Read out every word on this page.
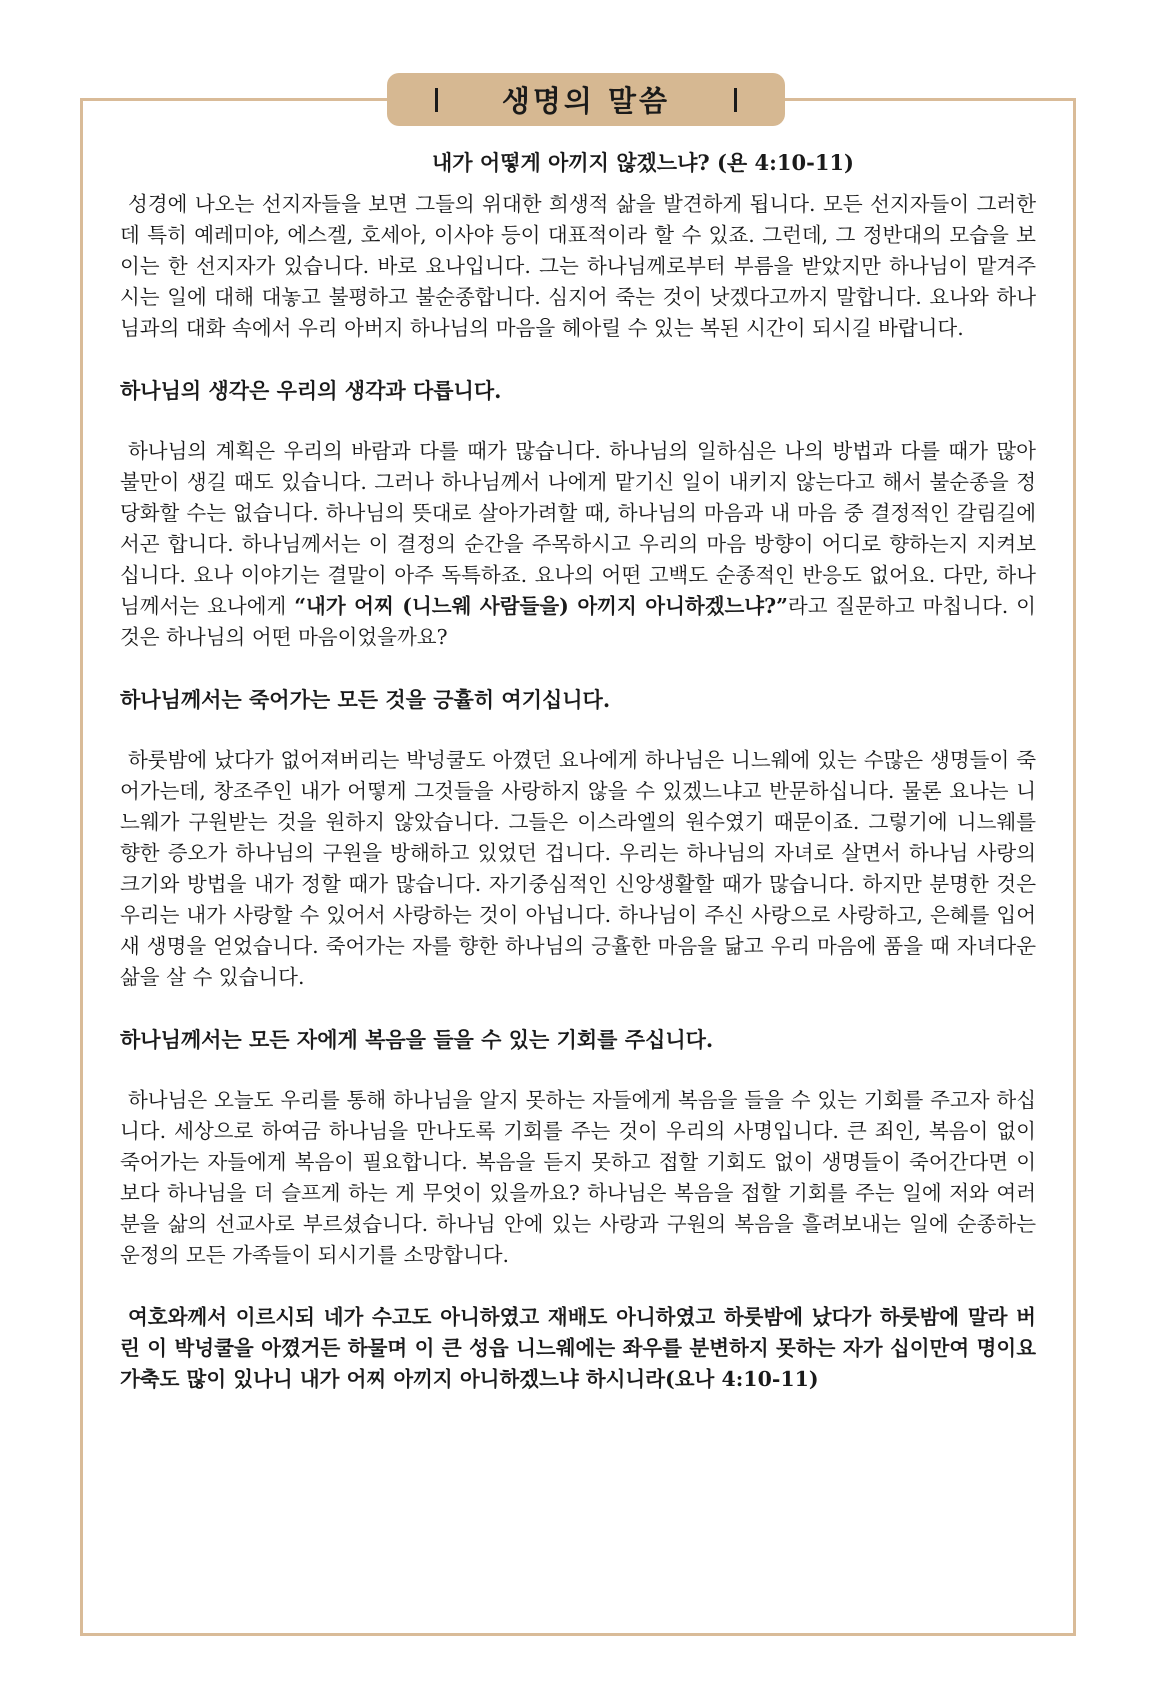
생명의 말씀
내가 어떻게 아끼지 않겠느냐? (욘 4:10-11)

성경에 나오는 선지자들을 보면 그들의 위대한 희생적 삶을 발견하게 됩니다. 모든 선지자들이 그러한데 특히 예레미야, 에스겔, 호세아, 이사야 등이 대표적이라 할 수 있죠. 그런데, 그 정반대의 모습을 보이는 한 선지자가 있습니다. 바로 요나입니다. 그는 하나님께로부터 부름을 받았지만 하나님이 맡겨주시는 일에 대해 대놓고 불평하고 불순종합니다. 심지어 죽는 것이 낫겠다고까지 말합니다. 요나와 하나님과의 대화 속에서 우리 아버지 하나님의 마음을 헤아릴 수 있는 복된 시간이 되시길 바랍니다.

하나님의 생각은 우리의 생각과 다릅니다.

하나님의 계획은 우리의 바람과 다를 때가 많습니다. 하나님의 일하심은 나의 방법과 다를 때가 많아 불만이 생길 때도 있습니다. 그러나 하나님께서 나에게 맡기신 일이 내키지 않는다고 해서 불순종을 정당화할 수는 없습니다. 하나님의 뜻대로 살아가려할 때, 하나님의 마음과 내 마음 중 결정적인 갈림길에 서곤 합니다. 하나님께서는 이 결정의 순간을 주목하시고 우리의 마음 방향이 어디로 향하는지 지켜보십니다. 요나 이야기는 결말이 아주 독특하죠. 요나의 어떤 고백도 순종적인 반응도 없어요. 다만, 하나님께서는 요나에게 “내가 어찌 (니느웨 사람들을) 아끼지 아니하겠느냐?”라고 질문하고 마칩니다. 이것은 하나님의 어떤 마음이었을까요?

하나님께서는 죽어가는 모든 것을 긍휼히 여기십니다.

하룻밤에 났다가 없어져버리는 박넝쿨도 아꼈던 요나에게 하나님은 니느웨에 있는 수많은 생명들이 죽어가는데, 창조주인 내가 어떻게 그것들을 사랑하지 않을 수 있겠느냐고 반문하십니다. 물론 요나는 니느웨가 구원받는 것을 원하지 않았습니다. 그들은 이스라엘의 원수였기 때문이죠. 그렇기에 니느웨를 향한 증오가 하나님의 구원을 방해하고 있었던 겁니다. 우리는 하나님의 자녀로 살면서 하나님 사랑의 크기와 방법을 내가 정할 때가 많습니다. 자기중심적인 신앙생활할 때가 많습니다. 하지만 분명한 것은 우리는 내가 사랑할 수 있어서 사랑하는 것이 아닙니다. 하나님이 주신 사랑으로 사랑하고, 은혜를 입어 새 생명을 얻었습니다. 죽어가는 자를 향한 하나님의 긍휼한 마음을 닮고 우리 마음에 품을 때 자녀다운 삶을 살 수 있습니다.

하나님께서는 모든 자에게 복음을 들을 수 있는 기회를 주십니다.

하나님은 오늘도 우리를 통해 하나님을 알지 못하는 자들에게 복음을 들을 수 있는 기회를 주고자 하십니다. 세상으로 하여금 하나님을 만나도록 기회를 주는 것이 우리의 사명입니다. 큰 죄인, 복음이 없이 죽어가는 자들에게 복음이 필요합니다. 복음을 듣지 못하고 접할 기회도 없이 생명들이 죽어간다면 이보다 하나님을 더 슬프게 하는 게 무엇이 있을까요? 하나님은 복음을 접할 기회를 주는 일에 저와 여러분을 삶의 선교사로 부르셨습니다. 하나님 안에 있는 사랑과 구원의 복음을 흘려보내는 일에 순종하는 운정의 모든 가족들이 되시기를 소망합니다.

여호와께서 이르시되 네가 수고도 아니하였고 재배도 아니하였고 하룻밤에 났다가 하룻밤에 말라 버린 이 박넝쿨을 아꼈거든 하물며 이 큰 성읍 니느웨에는 좌우를 분변하지 못하는 자가 십이만여 명이요 가축도 많이 있나니 내가 어찌 아끼지 아니하겠느냐 하시니라(요나 4:10-11)
